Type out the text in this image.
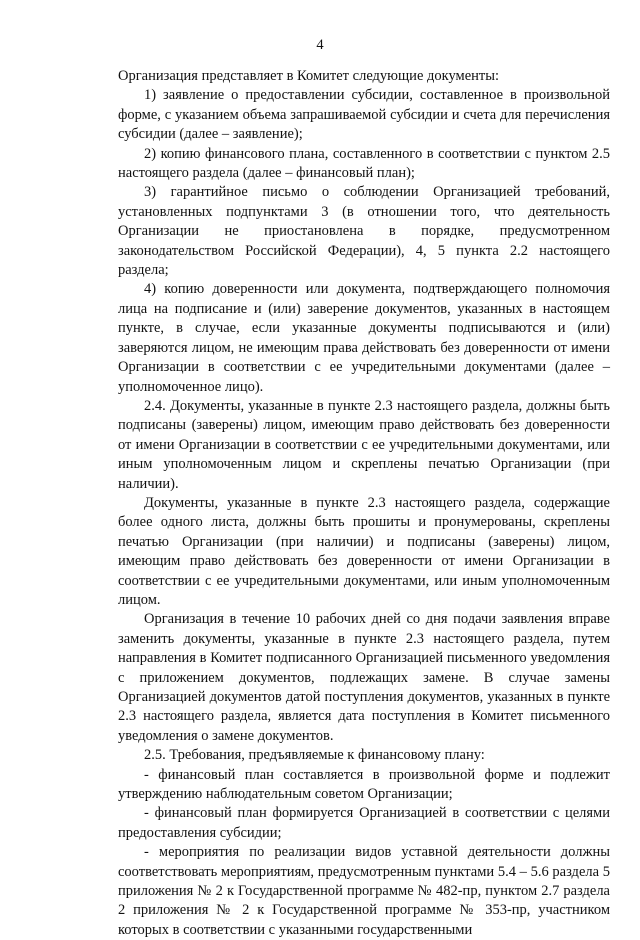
4

Организация представляет в Комитет следующие документы:

1) заявление о предоставлении субсидии, составленное в произвольной форме, с указанием объема запрашиваемой субсидии и счета для перечисления субсидии (далее – заявление);

2) копию финансового плана, составленного в соответствии с пунктом 2.5 настоящего раздела (далее – финансовый план);

3) гарантийное письмо о соблюдении Организацией требований, установленных подпунктами 3 (в отношении того, что деятельность Организации не приостановлена в порядке, предусмотренном законодательством Российской Федерации), 4, 5 пункта 2.2 настоящего раздела;

4) копию доверенности или документа, подтверждающего полномочия лица на подписание и (или) заверение документов, указанных в настоящем пункте, в случае, если указанные документы подписываются и (или) заверяются лицом, не имеющим права действовать без доверенности от имени Организации в соответствии с ее учредительными документами (далее – уполномоченное лицо).

2.4. Документы, указанные в пункте 2.3 настоящего раздела, должны быть подписаны (заверены) лицом, имеющим право действовать без доверенности от имени Организации в соответствии с ее учредительными документами, или иным уполномоченным лицом и скреплены печатью Организации (при наличии).

Документы, указанные в пункте 2.3 настоящего раздела, содержащие более одного листа, должны быть прошиты и пронумерованы, скреплены печатью Организации (при наличии) и подписаны (заверены) лицом, имеющим право действовать без доверенности от имени Организации в соответствии с ее учредительными документами, или иным уполномоченным лицом.

Организация в течение 10 рабочих дней со дня подачи заявления вправе заменить документы, указанные в пункте 2.3 настоящего раздела, путем направления в Комитет подписанного Организацией письменного уведомления с приложением документов, подлежащих замене. В случае замены Организацией документов датой поступления документов, указанных в пункте 2.3 настоящего раздела, является дата поступления в Комитет письменного уведомления о замене документов.

2.5. Требования, предъявляемые к финансовому плану:

- финансовый план составляется в произвольной форме и подлежит утверждению наблюдательным советом Организации;

- финансовый план формируется Организацией в соответствии с целями предоставления субсидии;

- мероприятия по реализации видов уставной деятельности должны соответствовать мероприятиям, предусмотренным пунктами 5.4 – 5.6 раздела 5 приложения № 2 к Государственной программе № 482-пр, пунктом 2.7 раздела 2 приложения № 2 к Государственной программе № 353-пр, участником которых в соответствии с указанными государственными
